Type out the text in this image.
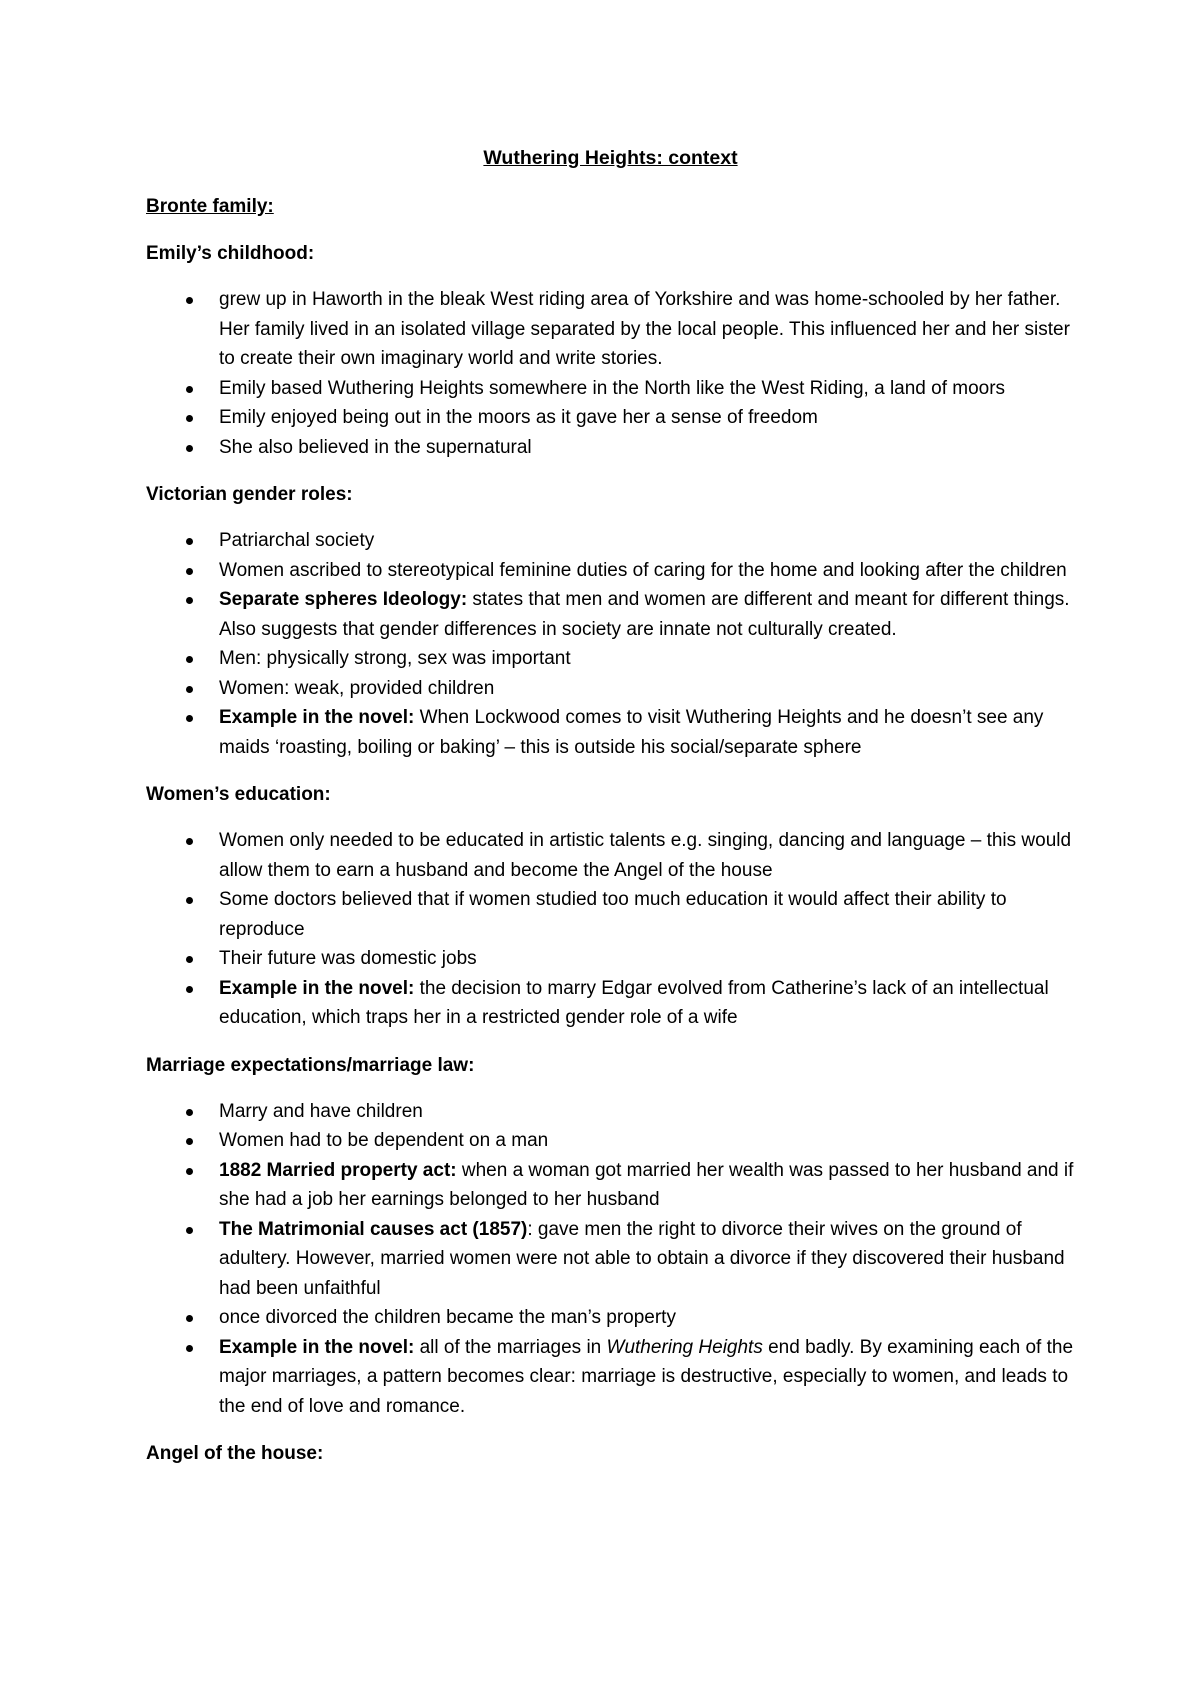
Wuthering Heights: context
Bronte family:
Emily’s childhood:
grew up in Haworth in the bleak West riding area of Yorkshire and was home-schooled by her father. Her family lived in an isolated village separated by the local people. This influenced her and her sister to create their own imaginary world and write stories.
Emily based Wuthering Heights somewhere in the North like the West Riding, a land of moors
Emily enjoyed being out in the moors as it gave her a sense of freedom
She also believed in the supernatural
Victorian gender roles:
Patriarchal society
Women ascribed to stereotypical feminine duties of caring for the home and looking after the children
Separate spheres Ideology: states that men and women are different and meant for different things. Also suggests that gender differences in society are innate not culturally created.
Men: physically strong, sex was important
Women: weak, provided children
Example in the novel: When Lockwood comes to visit Wuthering Heights and he doesn’t see any maids ‘roasting, boiling or baking’ – this is outside his social/separate sphere
Women’s education:
Women only needed to be educated in artistic talents e.g. singing, dancing and language – this would allow them to earn a husband and become the Angel of the house
Some doctors believed that if women studied too much education it would affect their ability to reproduce
Their future was domestic jobs
Example in the novel: the decision to marry Edgar evolved from Catherine’s lack of an intellectual education, which traps her in a restricted gender role of a wife
Marriage expectations/marriage law:
Marry and have children
Women had to be dependent on a man
1882 Married property act: when a woman got married her wealth was passed to her husband and if she had a job her earnings belonged to her husband
The Matrimonial causes act (1857): gave men the right to divorce their wives on the ground of adultery. However, married women were not able to obtain a divorce if they discovered their husband had been unfaithful
once divorced the children became the man’s property
Example in the novel: all of the marriages in Wuthering Heights end badly. By examining each of the major marriages, a pattern becomes clear: marriage is destructive, especially to women, and leads to the end of love and romance.
Angel of the house:
